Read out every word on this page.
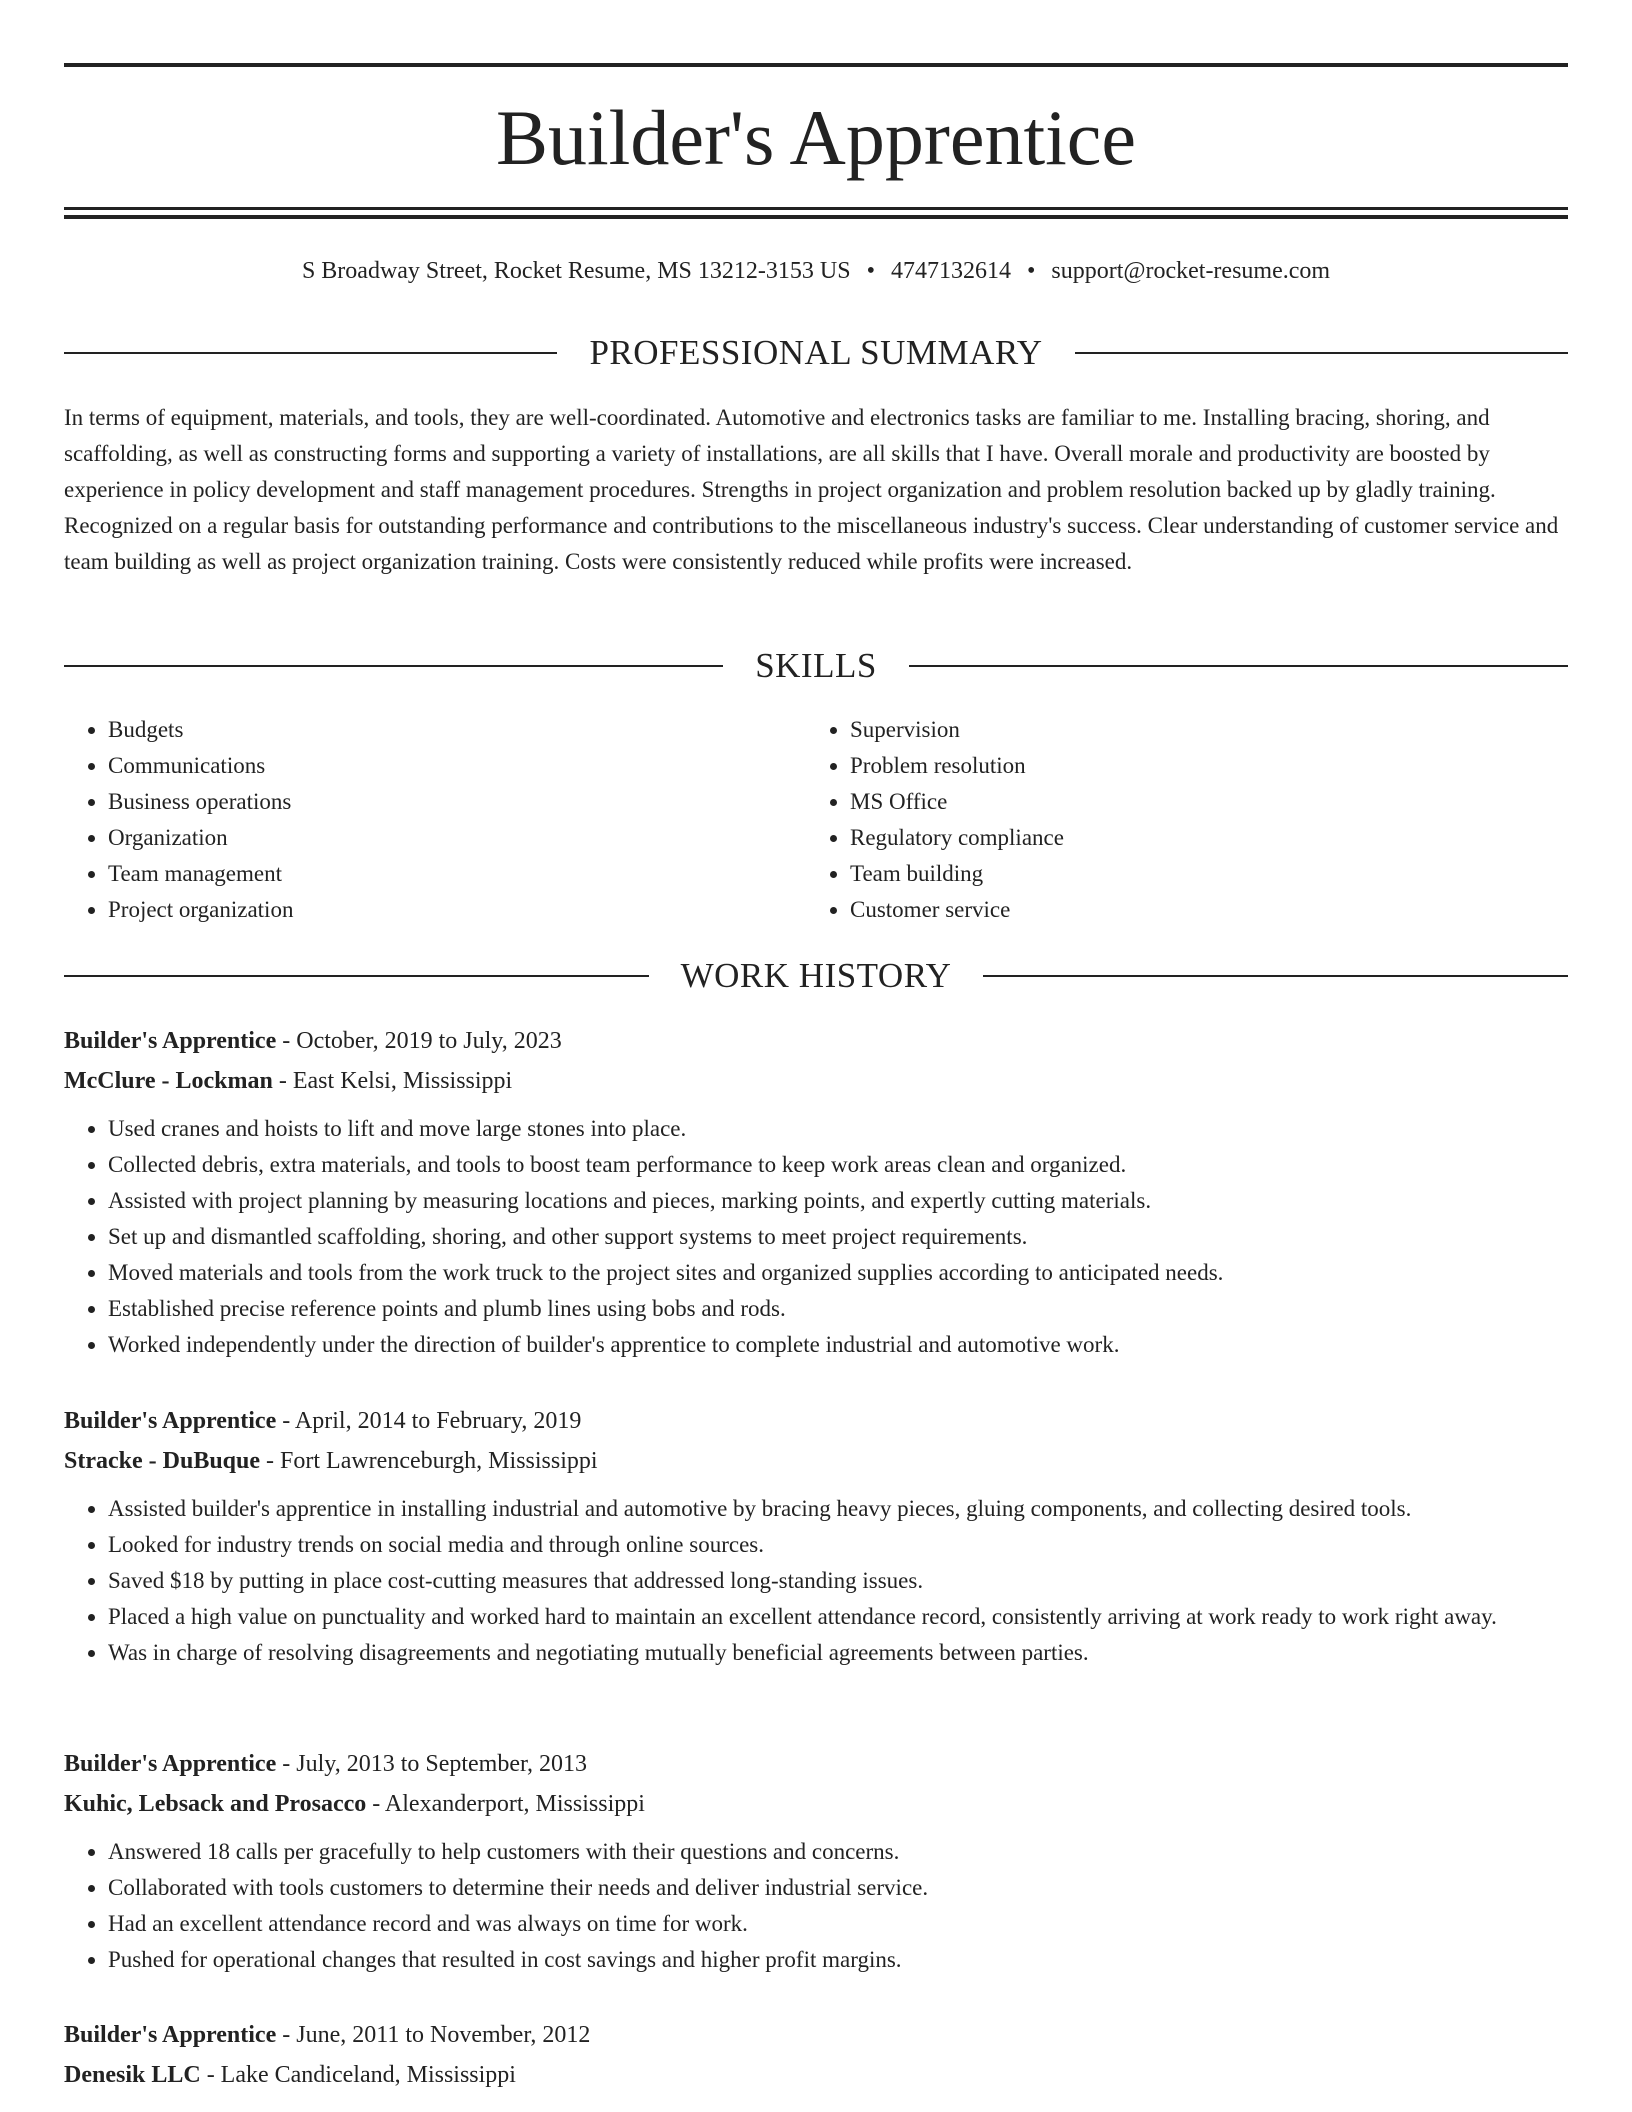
Builder's Apprentice
S Broadway Street, Rocket Resume, MS 13212-3153 US • 4747132614 • support@rocket-resume.com
PROFESSIONAL SUMMARY

In terms of equipment, materials, and tools, they are well-coordinated. Automotive and electronics tasks are familiar to me. Installing bracing, shoring, and scaffolding, as well as constructing forms and supporting a variety of installations, are all skills that I have. Overall morale and productivity are boosted by experience in policy development and staff management procedures. Strengths in project organization and problem resolution backed up by gladly training. Recognized on a regular basis for outstanding performance and contributions to the miscellaneous industry's success. Clear understanding of customer service and team building as well as project organization training. Costs were consistently reduced while profits were increased.

SKILLS
• Budgets
• Communications
• Business operations
• Organization
• Team management
• Project organization
• Supervision
• Problem resolution
• MS Office
• Regulatory compliance
• Team building
• Customer service
WORK HISTORY
Builder's Apprentice - October, 2019 to July, 2023
McClure - Lockman - East Kelsi, Mississippi
• Used cranes and hoists to lift and move large stones into place.
• Collected debris, extra materials, and tools to boost team performance to keep work areas clean and organized.
• Assisted with project planning by measuring locations and pieces, marking points, and expertly cutting materials.
• Set up and dismantled scaffolding, shoring, and other support systems to meet project requirements.
• Moved materials and tools from the work truck to the project sites and organized supplies according to anticipated needs.
• Established precise reference points and plumb lines using bobs and rods.
• Worked independently under the direction of builder's apprentice to complete industrial and automotive work.
Builder's Apprentice - April, 2014 to February, 2019
Stracke - DuBuque - Fort Lawrenceburgh, Mississippi
• Assisted builder's apprentice in installing industrial and automotive by bracing heavy pieces, gluing components, and collecting desired tools.
• Looked for industry trends on social media and through online sources.
• Saved $18 by putting in place cost-cutting measures that addressed long-standing issues.
• Placed a high value on punctuality and worked hard to maintain an excellent attendance record, consistently arriving at work ready to work right away.
• Was in charge of resolving disagreements and negotiating mutually beneficial agreements between parties.
Builder's Apprentice - July, 2013 to September, 2013
Kuhic, Lebsack and Prosacco - Alexanderport, Mississippi
• Answered 18 calls per gracefully to help customers with their questions and concerns.
• Collaborated with tools customers to determine their needs and deliver industrial service.
• Had an excellent attendance record and was always on time for work.
• Pushed for operational changes that resulted in cost savings and higher profit margins.
Builder's Apprentice - June, 2011 to November, 2012
Denesik LLC - Lake Candiceland, Mississippi
